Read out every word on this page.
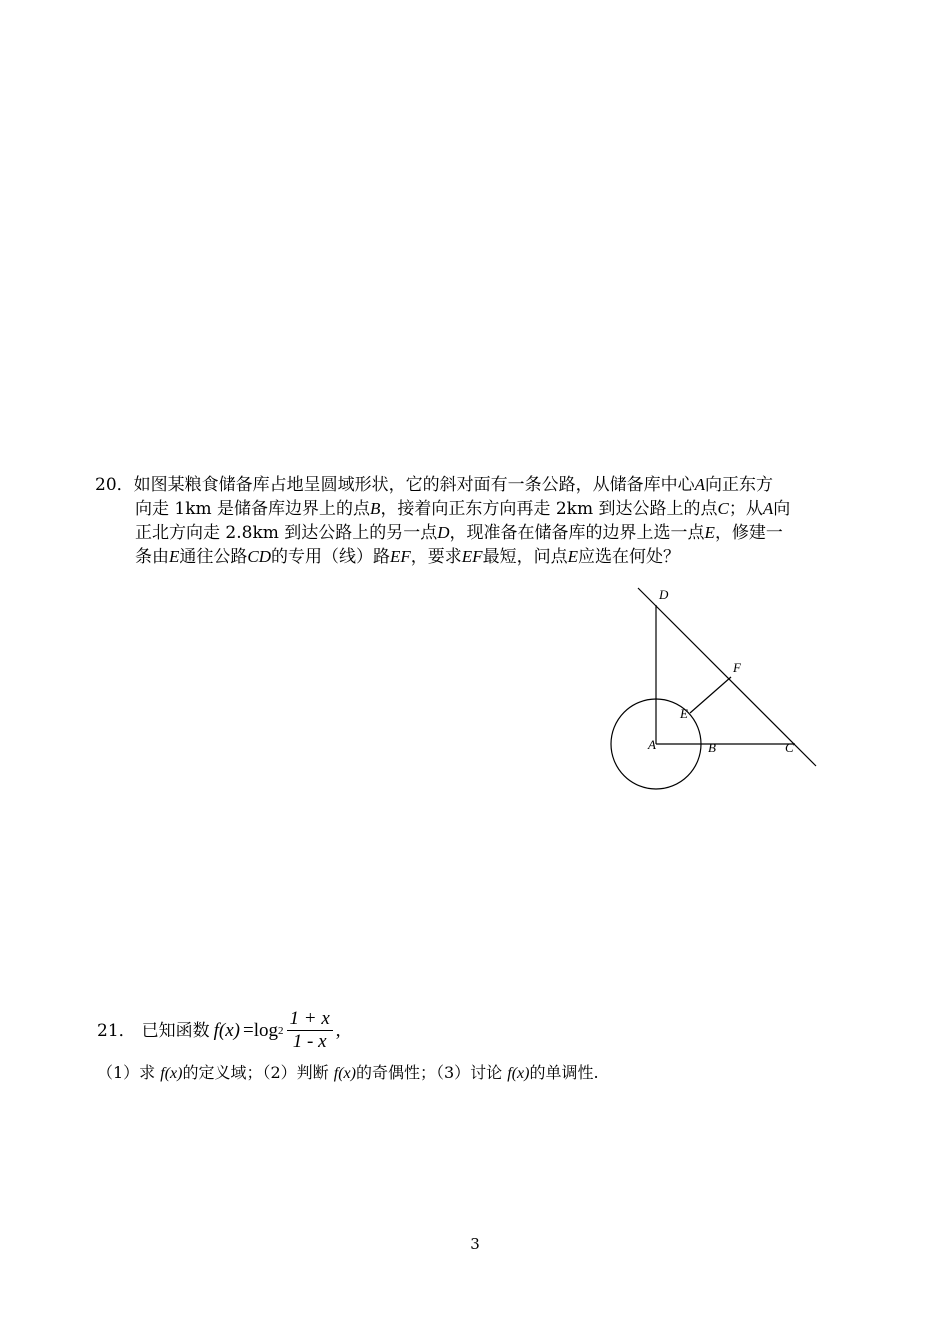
20．如图某粮食储备库占地呈圆域形状，它的斜对面有一条公路，从储备库中心A向正东方
向走 1km 是储备库边界上的点B，接着向正东方向再走 2km 到达公路上的点C；从A向
正北方向走 2.8km 到达公路上的另一点D，现准备在储备库的边界上选一点E，修建一
条由E通往公路CD的专用（线）路EF，要求EF最短，问点E应选在何处？
D
F
E
A	B	C
21． 已知函数 f(x) =log $2 \frac{1 + x}{1 - x}$ ,
（1）求 f(x)的定义域；（2）判断 f(x)的奇偶性；（3）讨论 f(x)的单调性.
3
